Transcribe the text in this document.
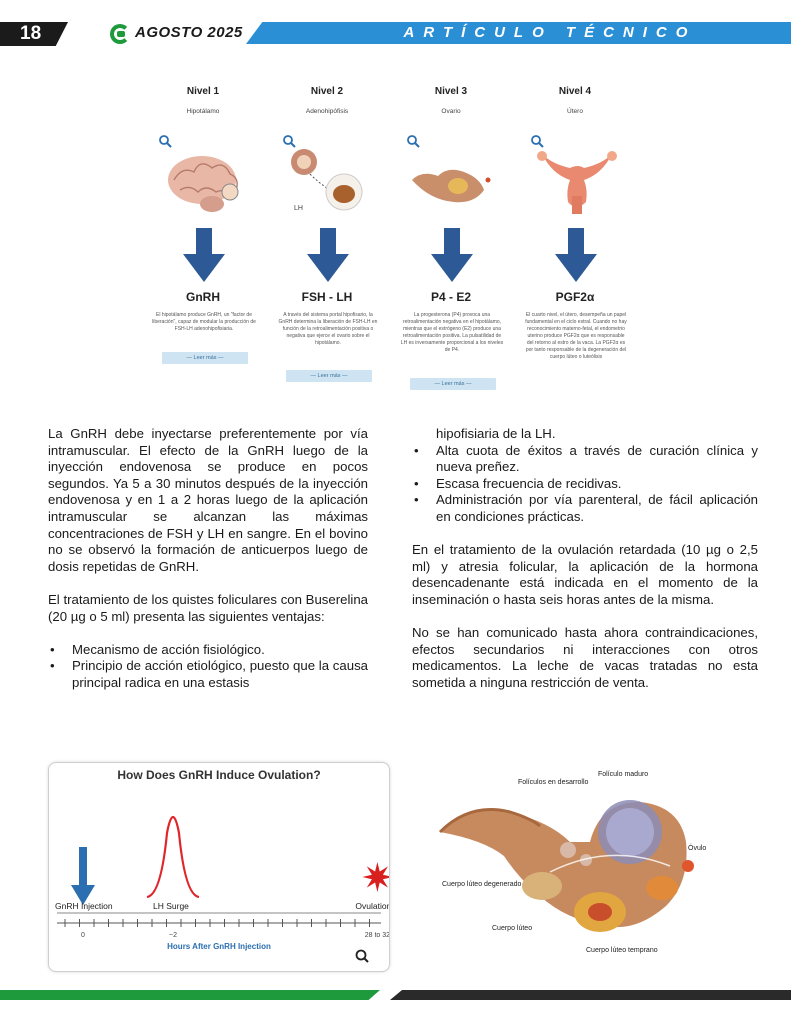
18	AGOSTO 2025	ARTÍCULO TÉCNICO
Nivel 1
Hipotálamo
GnRH
El hipotálamo produce GnRH, un "factor de liberación", capaz de modular la producción de FSH-LH adenohipofisiaria.
— Leer más —
Nivel 2
Adenohipófisis
LH
FSH - LH
A través del sistema portal hipofisario, la GnRH determina la liberación de FSH-LH en función de la retroalimentación positiva o negativa que ejerce el ovario sobre el hipotálamo.
— Leer más —
Nivel 3
Ovario
P4 - E2
La progesterona (P4) provoca una retroalimentación negativa en el hipotálamo, mientras que el estrógeno (E2) produce una retroalimentación positiva. La pulsatilidad de LH es inversamente proporcional a los niveles de P4.
— Leer más —
Nivel 4
Útero
PGF2α
El cuarto nivel, el útero, desempeña un papel fundamental en el ciclo estral. Cuando no hay reconocimiento materno-fetal, el endometrio uterino produce PGF2α que es responsable del retorno al estro de la vaca. La PGF2α es por tanto responsable de la degeneración del cuerpo lúteo o luteólisis

La GnRH debe inyectarse preferentemente por vía intramuscular. El efecto de la GnRH luego de la inyección endovenosa se produce en pocos segundos. Ya 5 a 30 minutos después de la inyección endovenosa y en 1 a 2 horas luego de la aplicación intramuscular se alcanzan las máximas concentraciones de FSH y LH en sangre. En el bovino no se observó la formación de anticuerpos luego de dosis repetidas de GnRH.

El tratamiento de los quistes foliculares con Buserelina (20 µg o 5 ml) presenta las siguientes ventajas:

• Mecanismo de acción fisiológico.
• Principio de acción etiológico, puesto que la causa principal radica en una estasis
hipofisiaria de la LH.
• Alta cuota de éxitos a través de curación clínica y nueva preñez.
• Escasa frecuencia de recidivas.
• Administración por vía parenteral, de fácil aplicación en condiciones prácticas.

En el tratamiento de la ovulación retardada (10 µg o 2,5 ml) y atresia folicular, la aplicación de la hormona desencadenante está indicada en el momento de la inseminación o hasta seis horas antes de la misma.

No se han comunicado hasta ahora contraindicaciones, efectos secundarios ni interacciones con otros medicamentos. La leche de vacas tratadas no esta sometida a ninguna restricción de venta.

How Does GnRH Induce Ovulation?
GnRH Injection	LH Surge	Ovulation
0	~2	28 to 32
Hours After GnRH Injection
Folículos en desarrollo
Folículo maduro
Óvulo
Cuerpo lúteo degenerado
Cuerpo lúteo
Cuerpo lúteo temprano
